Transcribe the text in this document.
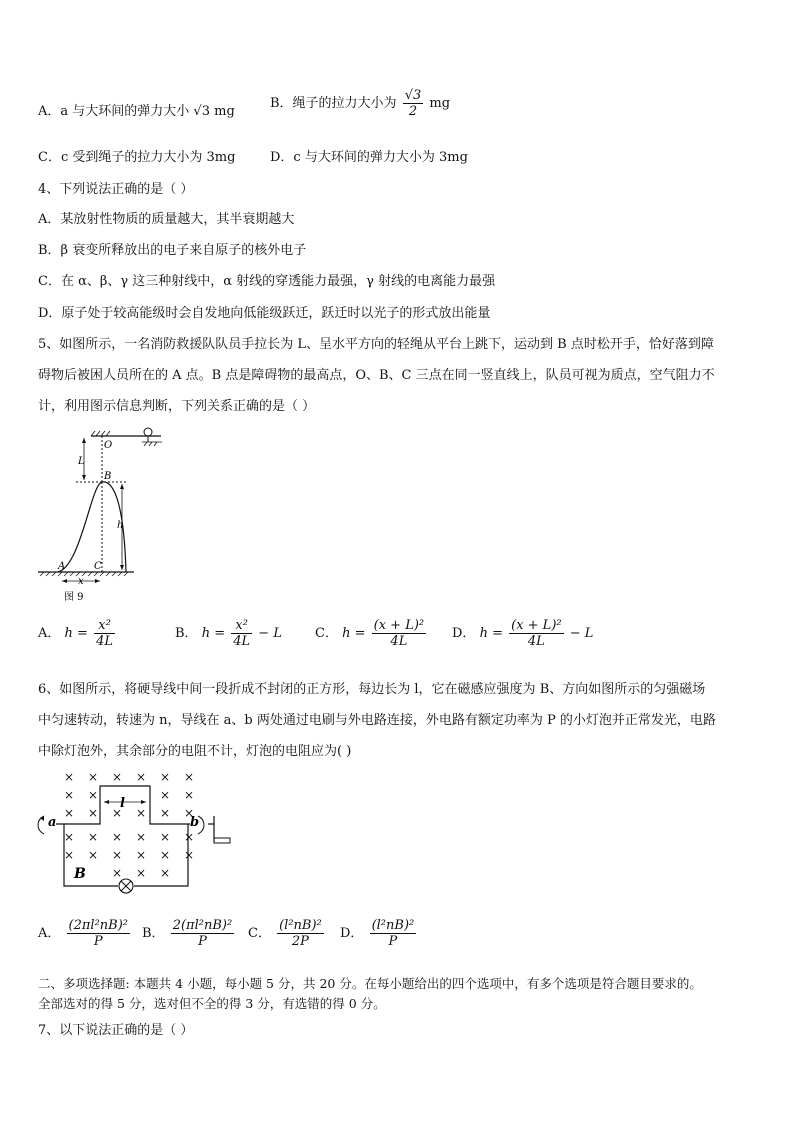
A．a 与大环间的弹力大小 √3 mg
B．绳子的拉力大小为 $\frac{√3}{2}$ mg
C．c 受到绳子的拉力大小为 3mg	D．c 与大环间的弹力大小为 3mg
4、下列说法正确的是（ ）
A．某放射性物质的质量越大，其半衰期越大
B．β 衰变所释放出的电子来自原子的核外电子
C．在 α、β、γ 这三种射线中，α 射线的穿透能力最强，γ 射线的电离能力最强
D．原子处于较高能级时会自发地向低能级跃迁，跃迁时以光子的形式放出能量
5、如图所示，一名消防救援队队员手拉长为 L、呈水平方向的轻绳从平台上跳下，运动到 B 点时松开手，恰好落到障
碍物后被困人员所在的 A 点。B 点是障碍物的最高点，O、B、C 三点在同一竖直线上，队员可视为质点，空气阻力不
计，利用图示信息判断，下列关系正确的是（ ）
O
L
B
h
A	C
x
图 9
A． $h = \frac{\text{x²}}{4L}$	B． $h = \frac{\text{x²}}{4L} - L$	C． $h = \frac{\text{(x + L)²}}{4L}$ D． $h = \frac{\text{(x + L)²}}{4L} - L$
6、如图所示，将硬导线中间一段折成不封闭的正方形，每边长为 l，它在磁感应强度为 B、方向如图所示的匀强磁场
中匀速转动，转速为 n，导线在 a、b 两处通过电刷与外电路连接，外电路有额定功率为 P 的小灯泡并正常发光，电路
中除灯泡外，其余部分的电阻不计，灯泡的电阻应为( )
× × × × × ×
× ×	× ×
× × × × × ×
× × × × × ×
× × × × × ×
× × ×
a	b
l
B
A． $\frac{\text{(2πl²nB)²}}{P}$ B． $\frac{\text{2(πl²nB)²}}{P}$ C． $\frac{\text{(l²nB)²}}{2P}$ D． $\frac{\text{(l²nB)²}}{P}$
二、多项选择题: 本题共 4 小题，每小题 5 分，共 20 分。在每小题给出的四个选项中，有多个选项是符合题目要求的。
全部选对的得 5 分，选对但不全的得 3 分，有选错的得 0 分。
7、以下说法正确的是（ ）
